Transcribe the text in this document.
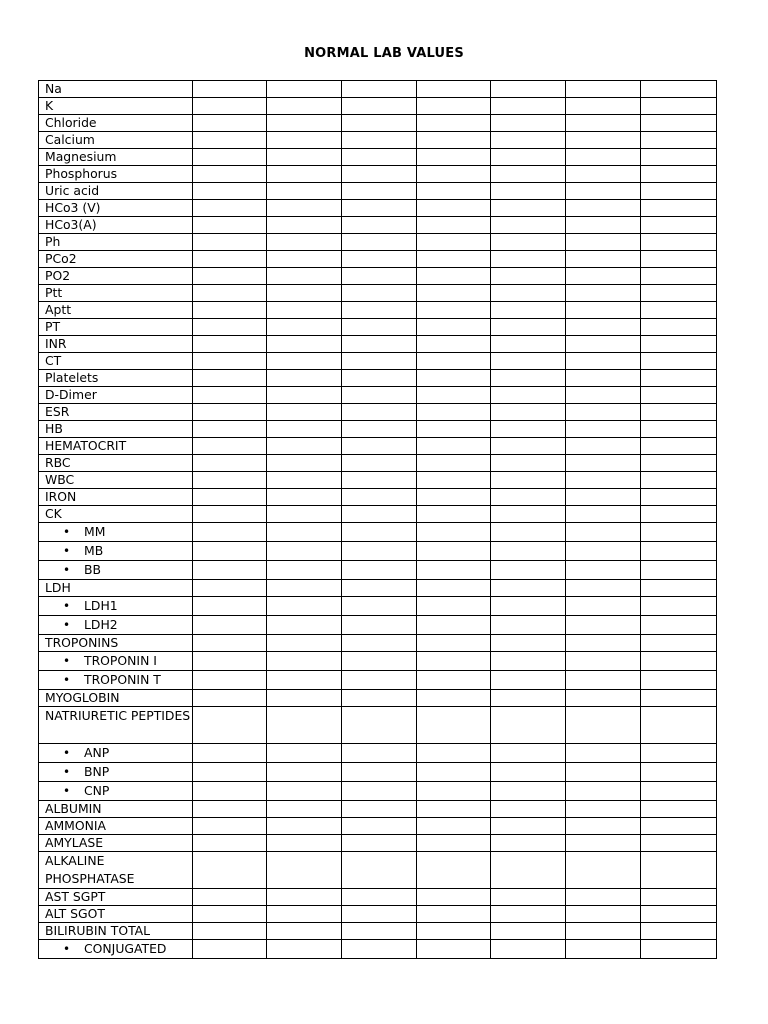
NORMAL LAB VALUES
Na							
K							
Chloride							
Calcium							
Magnesium							
Phosphorus							
Uric acid							
HCo3 (V)							
HCo3(A)							
Ph							
PCo2							
PO2							
Ptt							
Aptt							
PT							
INR							
CT							
Platelets							
D-Dimer							
ESR							
HB							
HEMATOCRIT							
RBC							
WBC							
IRON							
CK							
• MM							
• MB							
• BB							
LDH							
• LDH1							
• LDH2							
TROPONINS							
• TROPONIN I							
• TROPONIN T							
MYOGLOBIN							
NATRIURETIC PEPTIDES							
• ANP							
• BNP							
• CNP							
ALBUMIN							
AMMONIA							
AMYLASE							
ALKALINE PHOSPHATASE							
AST SGPT							
ALT SGOT							
BILIRUBIN TOTAL							
• CONJUGATED							
